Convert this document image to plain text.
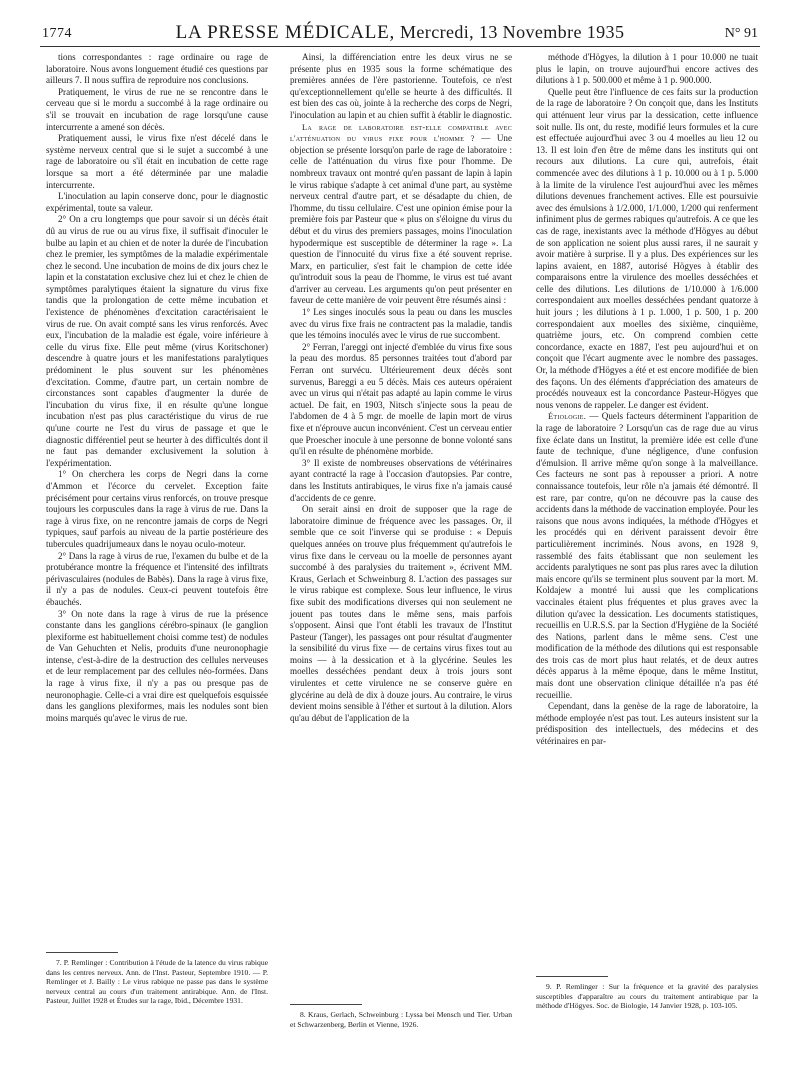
1774	LA PRESSE MÉDICALE, Mercredi, 13 Novembre 1935	N° 91

tions correspondantes : rage ordinaire ou rage de laboratoire. Nous avons longuement étudié ces questions par ailleurs 7. Il nous suffira de reproduire nos conclusions.

Pratiquement, le virus de rue ne se rencontre dans le cerveau que si le mordu a succombé à la rage ordinaire ou s'il se trouvait en incubation de rage lorsqu'une cause intercurrente a amené son décès.

Pratiquement aussi, le virus fixe n'est décelé dans le système nerveux central que si le sujet a succombé à une rage de laboratoire ou s'il était en incubation de cette rage lorsque sa mort a été déterminée par une maladie intercurrente.

L'inoculation au lapin conserve donc, pour le diagnostic expérimental, toute sa valeur.

2° On a cru longtemps que pour savoir si un décès était dû au virus de rue ou au virus fixe, il suffisait d'inoculer le bulbe au lapin et au chien et de noter la durée de l'incubation chez le premier, les symptômes de la maladie expérimentale chez le second. Une incubation de moins de dix jours chez le lapin et la constatation exclusive chez lui et chez le chien de symptômes paralytiques étaient la signature du virus fixe tandis que la prolongation de cette même incubation et l'existence de phénomènes d'excitation caractérisaient le virus de rue. On avait compté sans les virus renforcés. Avec eux, l'incubation de la maladie est égale, voire inférieure à celle du virus fixe. Elle peut même (virus Koritschoner) descendre à quatre jours et les manifestations paralytiques prédominent le plus souvent sur les phénomènes d'excitation. Comme, d'autre part, un certain nombre de circonstances sont capables d'augmenter la durée de l'incubation du virus fixe, il en résulte qu'une longue incubation n'est pas plus caractéristique du virus de rue qu'une courte ne l'est du virus de passage et que le diagnostic différentiel peut se heurter à des difficultés dont il ne faut pas demander exclusivement la solution à l'expérimentation.

1° On cherchera les corps de Negri dans la corne d'Ammon et l'écorce du cervelet. Exception faite précisément pour certains virus renforcés, on trouve presque toujours les corpuscules dans la rage à virus de rue. Dans la rage à virus fixe, on ne rencontre jamais de corps de Negri typiques, sauf parfois au niveau de la partie postérieure des tubercules quadrijumeaux dans le noyau oculo-moteur.

2° Dans la rage à virus de rue, l'examen du bulbe et de la protubérance montre la fréquence et l'intensité des infiltrats périvasculaires (nodules de Babès). Dans la rage à virus fixe, il n'y a pas de nodules. Ceux-ci peuvent toutefois être ébauchés.

3° On note dans la rage à virus de rue la présence constante dans les ganglions cérébro-spinaux (le ganglion plexiforme est habituellement choisi comme test) de nodules de Van Gehuchten et Nelis, produits d'une neuronophagie intense, c'est-à-dire de la destruction des cellules nerveuses et de leur remplacement par des cellules néo-formées. Dans la rage à virus fixe, il n'y a pas ou presque pas de neuronophagie. Celle-ci a vrai dire est quelquefois esquissée dans les ganglions plexiformes, mais les nodules sont bien moins marqués qu'avec le virus de rue.

Ainsi, la différenciation entre les deux virus ne se présente plus en 1935 sous la forme schématique des premières années de l'ère pastorienne. Toutefois, ce n'est qu'exceptionnellement qu'elle se heurte à des difficultés. Il est bien des cas où, jointe à la recherche des corps de Negri, l'inoculation au lapin et au chien suffit à établir le diagnostic.

La rage de laboratoire est-elle compatible avec l'atténuation du virus fixe pour l'homme ? — Une objection se présente lorsqu'on parle de rage de laboratoire : celle de l'atténuation du virus fixe pour l'homme. De nombreux travaux ont montré qu'en passant de lapin à lapin le virus rabique s'adapte à cet animal d'une part, au système nerveux central d'autre part, et se désadapte du chien, de l'homme, du tissu cellulaire. C'est une opinion émise pour la première fois par Pasteur que « plus on s'éloigne du virus du début et du virus des premiers passages, moins l'inoculation hypodermique est susceptible de déterminer la rage ». La question de l'innocuité du virus fixe a été souvent reprise. Marx, en particulier, s'est fait le champion de cette idée qu'introduit sous la peau de l'homme, le virus est tué avant d'arriver au cerveau. Les arguments qu'on peut présenter en faveur de cette manière de voir peuvent être résumés ainsi :

1° Les singes inoculés sous la peau ou dans les muscles avec du virus fixe frais ne contractent pas la maladie, tandis que les témoins inoculés avec le virus de rue succombent.

2° Ferran, l'areggi ont injecté d'emblée du virus fixe sous la peau des mordus. 85 personnes traitées tout d'abord par Ferran ont survécu. Ultérieurement deux décès sont survenus, Bareggi a eu 5 décès. Mais ces auteurs opéraient avec un virus qui n'était pas adapté au lapin comme le virus actuel. De fait, en 1903, Nitsch s'injecte sous la peau de l'abdomen de 4 à 5 mgr. de moelle de lapin mort de virus fixe et n'éprouve aucun inconvénient. C'est un cerveau entier que Proescher inocule à une personne de bonne volonté sans qu'il en résulte de phénomène morbide.

3° Il existe de nombreuses observations de vétérinaires ayant contracté la rage à l'occasion d'autopsies. Par contre, dans les Instituts antirabiques, le virus fixe n'a jamais causé d'accidents de ce genre.

On serait ainsi en droit de supposer que la rage de laboratoire diminue de fréquence avec les passages. Or, il semble que ce soit l'inverse qui se produise : « Depuis quelques années on trouve plus fréquemment qu'autrefois le virus fixe dans le cerveau ou la moelle de personnes ayant succombé à des paralysies du traitement », écrivent MM. Kraus, Gerlach et Schweinburg 8. L'action des passages sur le virus rabique est complexe. Sous leur influence, le virus fixe subit des modifications diverses qui non seulement ne jouent pas toutes dans le même sens, mais parfois s'opposent. Ainsi que l'ont établi les travaux de l'Institut Pasteur (Tanger), les passages ont pour résultat d'augmenter la sensibilité du virus fixe — de certains virus fixes tout au moins — à la dessication et à la glycérine. Seules les moelles desséchées pendant deux à trois jours sont virulentes et cette virulence ne se conserve guère en glycérine au delà de dix à douze jours. Au contraire, le virus devient moins sensible à l'éther et surtout à la dilution. Alors qu'au début de l'application de la

méthode d'Högyes, la dilution à 1 pour 10.000 ne tuait plus le lapin, on trouve aujourd'hui encore actives des dilutions à 1 p. 500.000 et même à 1 p. 900.000.

Quelle peut être l'influence de ces faits sur la production de la rage de laboratoire ? On conçoit que, dans les Instituts qui atténuent leur virus par la dessication, cette influence soit nulle. Ils ont, du reste, modifié leurs formules et la cure est effectuée aujourd'hui avec 3 ou 4 moelles au lieu 12 ou 13. Il est loin d'en être de même dans les instituts qui ont recours aux dilutions. La cure qui, autrefois, était commencée avec des dilutions à 1 p. 10.000 ou à 1 p. 5.000 à la limite de la virulence l'est aujourd'hui avec les mêmes dilutions devenues franchement actives. Elle est poursuivie avec des émulsions à 1/2.000, 1/1.000, 1/200 qui renferment infiniment plus de germes rabiques qu'autrefois. A ce que les cas de rage, inexistants avec la méthode d'Högyes au début de son application ne soient plus aussi rares, il ne saurait y avoir matière à surprise. Il y a plus. Des expériences sur les lapins avaient, en 1887, autorisé Högyes à établir des comparaisons entre la virulence des moelles desséchées et celle des dilutions. Les dilutions de 1/10.000 à 1/6.000 correspondaient aux moelles desséchées pendant quatorze à huit jours ; les dilutions à 1 p. 1.000, 1 p. 500, 1 p. 200 correspondaient aux moelles des sixième, cinquième, quatrième jours, etc. On comprend combien cette concordance, exacte en 1887, l'est peu aujourd'hui et on conçoit que l'écart augmente avec le nombre des passages. Or, la méthode d'Högyes a été et est encore modifiée de bien des façons. Un des éléments d'appréciation des amateurs de procédés nouveaux est la concordance Pasteur-Högyes que nous venons de rappeler. Le danger est évident.

Étiologie. — Quels facteurs déterminent l'apparition de la rage de laboratoire ? Lorsqu'un cas de rage due au virus fixe éclate dans un Institut, la première idée est celle d'une faute de technique, d'une négligence, d'une confusion d'émulsion. Il arrive même qu'on songe à la malveillance. Ces facteurs ne sont pas à repousser a priori. A notre connaissance toutefois, leur rôle n'a jamais été démontré. Il est rare, par contre, qu'on ne découvre pas la cause des accidents dans la méthode de vaccination employée. Pour les raisons que nous avons indiquées, la méthode d'Högyes et les procédés qui en dérivent paraissent devoir être particulièrement incriminés. Nous avons, en 1928 9, rassemblé des faits établissant que non seulement les accidents paralytiques ne sont pas plus rares avec la dilution mais encore qu'ils se terminent plus souvent par la mort. M. Koldajew a montré lui aussi que les complications vaccinales étaient plus fréquentes et plus graves avec la dilution qu'avec la dessication. Les documents statistiques, recueillis en U.R.S.S. par la Section d'Hygiène de la Société des Nations, parlent dans le même sens. C'est une modification de la méthode des dilutions qui est responsable des trois cas de mort plus haut relatés, et de deux autres décès apparus à la même époque, dans le même Institut, mais dont une observation clinique détaillée n'a pas été recueillie.

Cependant, dans la genèse de la rage de laboratoire, la méthode employée n'est pas tout. Les auteurs insistent sur la prédisposition des intellectuels, des médecins et des vétérinaires en par-

7. P. Remlinger : Contribution à l'étude de la latence du virus rabique dans les centres nerveux. Ann. de l'Inst. Pasteur, Septembre 1910. — P. Remlinger et J. Bailly : Le virus rabique ne passe pas dans le système nerveux central au cours d'un traitement antirabique. Ann. de l'Inst. Pasteur, Juillet 1928 et Études sur la rage, Ibid., Décembre 1931.

8. Kraus, Gerlach, Schweinburg : Lyssa bei Mensch und Tier. Urban et Schwarzenberg, Berlin et Vienne, 1926.

9. P. Remlinger : Sur la fréquence et la gravité des paralysies susceptibles d'apparaître au cours du traitement antirabique par la méthode d'Högyes. Soc. de Biologie, 14 Janvier 1928, p. 103-105.
